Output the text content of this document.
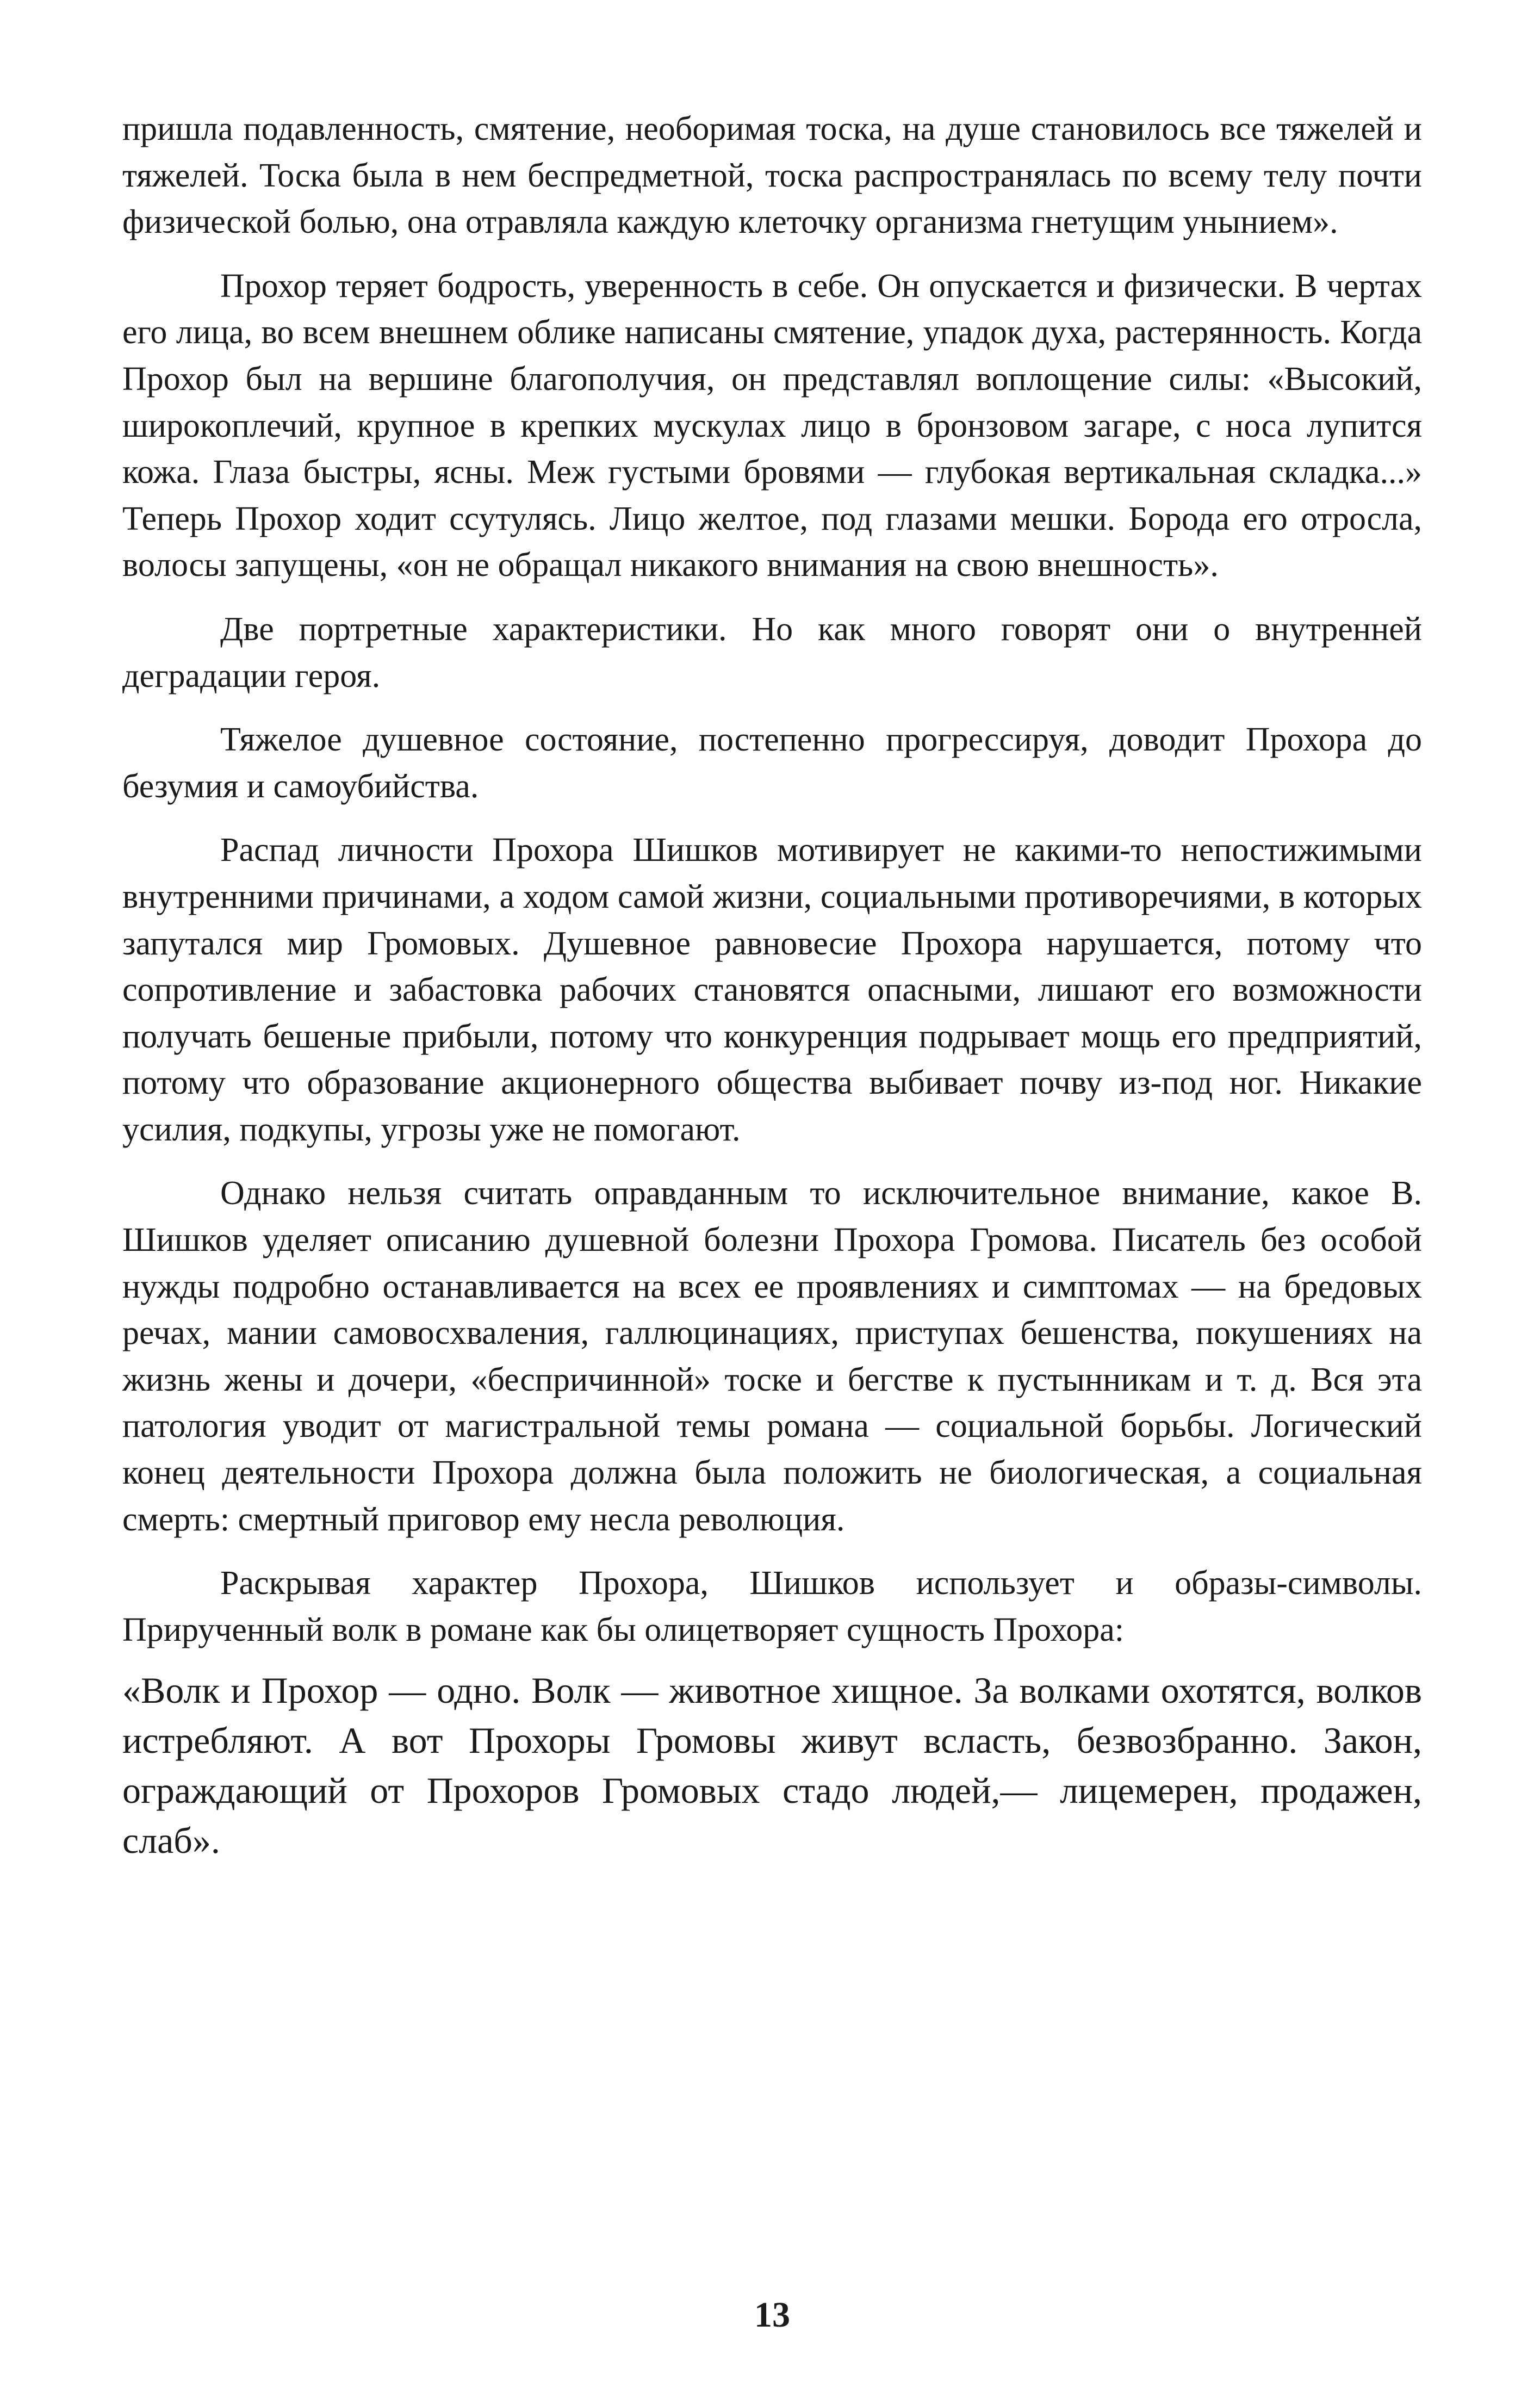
пришла подавленность, смятение, необоримая тоска, на душе становилось все тяжелей и тяжелей. Тоска была в нем беспредметной, тоска распространялась по всему телу почти физической болью, она отравляла каждую клеточку организма гнетущим унынием».

Прохор теряет бодрость, уверенность в себе. Он опускается и физически. В чертах его лица, во всем внешнем облике написаны смятение, упадок духа, растерянность. Когда Прохор был на вершине благополучия, он представлял воплощение силы: «Высокий, широкоплечий, крупное в крепких мускулах лицо в бронзовом загаре, с носа лупится кожа. Глаза быстры, ясны. Меж густыми бровями — глубокая вертикальная складка...» Теперь Прохор ходит ссутулясь. Лицо желтое, под глазами мешки. Борода его отросла, волосы запущены, «он не обращал никакого внимания на свою внешность».

Две портретные характеристики. Но как много говорят они о внутренней деградации героя.

Тяжелое душевное состояние, постепенно прогрессируя, доводит Прохора до безумия и самоубийства.

Распад личности Прохора Шишков мотивирует не какими-то непостижимыми внутренними причинами, а ходом самой жизни, социальными противоречиями, в которых запутался мир Громовых. Душевное равновесие Прохора нарушается, потому что сопротивление и забастовка рабочих становятся опасными, лишают его возможности получать бешеные прибыли, потому что конкуренция подрывает мощь его предприятий, потому что образование акционерного общества выбивает почву из-под ног. Никакие усилия, подкупы, угрозы уже не помогают.

Однако нельзя считать оправданным то исключительное внимание, какое В. Шишков уделяет описанию душевной болезни Прохора Громова. Писатель без особой нужды подробно останавливается на всех ее проявлениях и симптомах — на бредовых речах, мании самовосхваления, галлюцинациях, приступах бешенства, покушениях на жизнь жены и дочери, «беспричинной» тоске и бегстве к пустынникам и т. д. Вся эта патология уводит от магистральной темы романа — социальной борьбы. Логический конец деятельности Прохора должна была положить не биологическая, а социальная смерть: смертный приговор ему несла революция.

Раскрывая характер Прохора, Шишков использует и образы-символы. Прирученный волк в романе как бы олицетворяет сущность Прохора:

«Волк и Прохор — одно. Волк — животное хищное. За волками охотятся, волков истребляют. А вот Прохоры Громовы живут всласть, безвозбранно. Закон, ограждающий от Прохоров Громовых стадо людей,— лицемерен, продажен, слаб».

13
